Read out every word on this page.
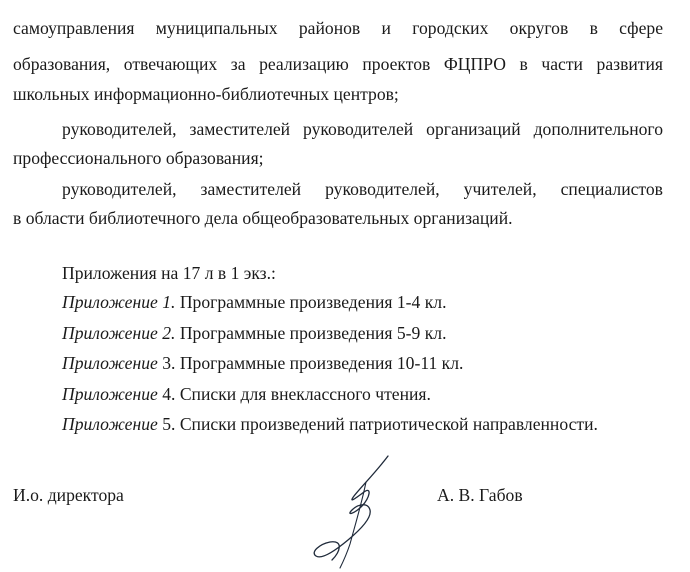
самоуправления муниципальных районов и городских округов в сфере
образования, отвечающих за реализацию проектов ФЦПРО в части развития
школьных информационно-библиотечных центров;
руководителей, заместителей руководителей организаций дополнительного
профессионального образования;
руководителей, заместителей руководителей, учителей, специалистов
в области библиотечного дела общеобразовательных организаций.
Приложения на 17 л в 1 экз.:
Приложение 1. Программные произведения 1-4 кл.
Приложение 2. Программные произведения 5-9 кл.
Приложение 3. Программные произведения 10-11 кл.
Приложение 4. Списки для внеклассного чтения.
Приложение 5. Списки произведений патриотической направленности.
И.о. директора	А. В. Габов
